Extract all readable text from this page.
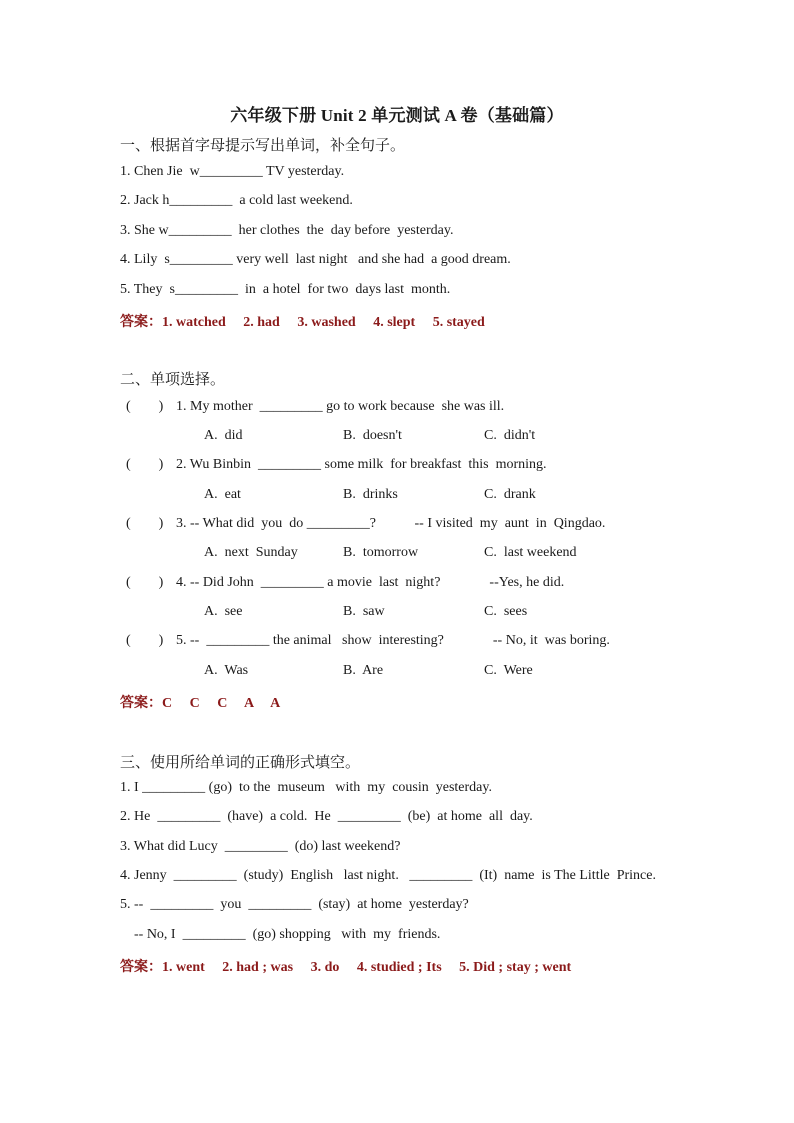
六年级下册 Unit 2 单元测试 A 卷（基础篇）
一、根据首字母提示写出单词，补全句子。
1. Chen Jie  w_________ TV yesterday.
2. Jack h_________  a cold last weekend.
3. She w_________  her clothes  the  day before  yesterday.
4. Lily  s_________ very well  last night   and she had  a good dream.
5. They  s_________  in  a hotel  for two  days last  month.
答案：1. watched     2. had     3. washed     4. slept     5. stayed
二、单项选择。
(        ) 1. My mother  _________ go to work because  she was ill.
A.  did	B.  doesn't	C.  didn't
(        ) 2. Wu Binbin  _________ some milk  for breakfast  this  morning.
A.  eat	B.  drinks	C.  drank
(        ) 3. -- What did  you  do _________?           -- I visited  my  aunt  in  Qingdao.
A.  next  Sunday	B.  tomorrow	C.  last weekend
(        ) 4. -- Did John  _________ a movie  last  night?              --Yes, he did.
A.  see	B.  saw	C.  sees
(        ) 5. --  _________ the animal   show  interesting?              -- No, it  was boring.
A.  Was	B.  Are	C.  Were
答案：C     C     C     A     A
三、使用所给单词的正确形式填空。
1. I _________ (go)  to the  museum   with  my  cousin  yesterday.
2. He  _________  (have)  a cold.  He  _________  (be)  at home  all  day.
3. What did Lucy  _________  (do) last weekend?
4. Jenny  _________  (study)  English   last night.   _________  (It)  name  is The Little  Prince.
5. --  _________  you  _________  (stay)  at home  yesterday?
-- No, I  _________  (go) shopping   with  my  friends.
答案：1. went     2. had ; was     3. do     4. studied ; Its     5. Did ; stay ; went
